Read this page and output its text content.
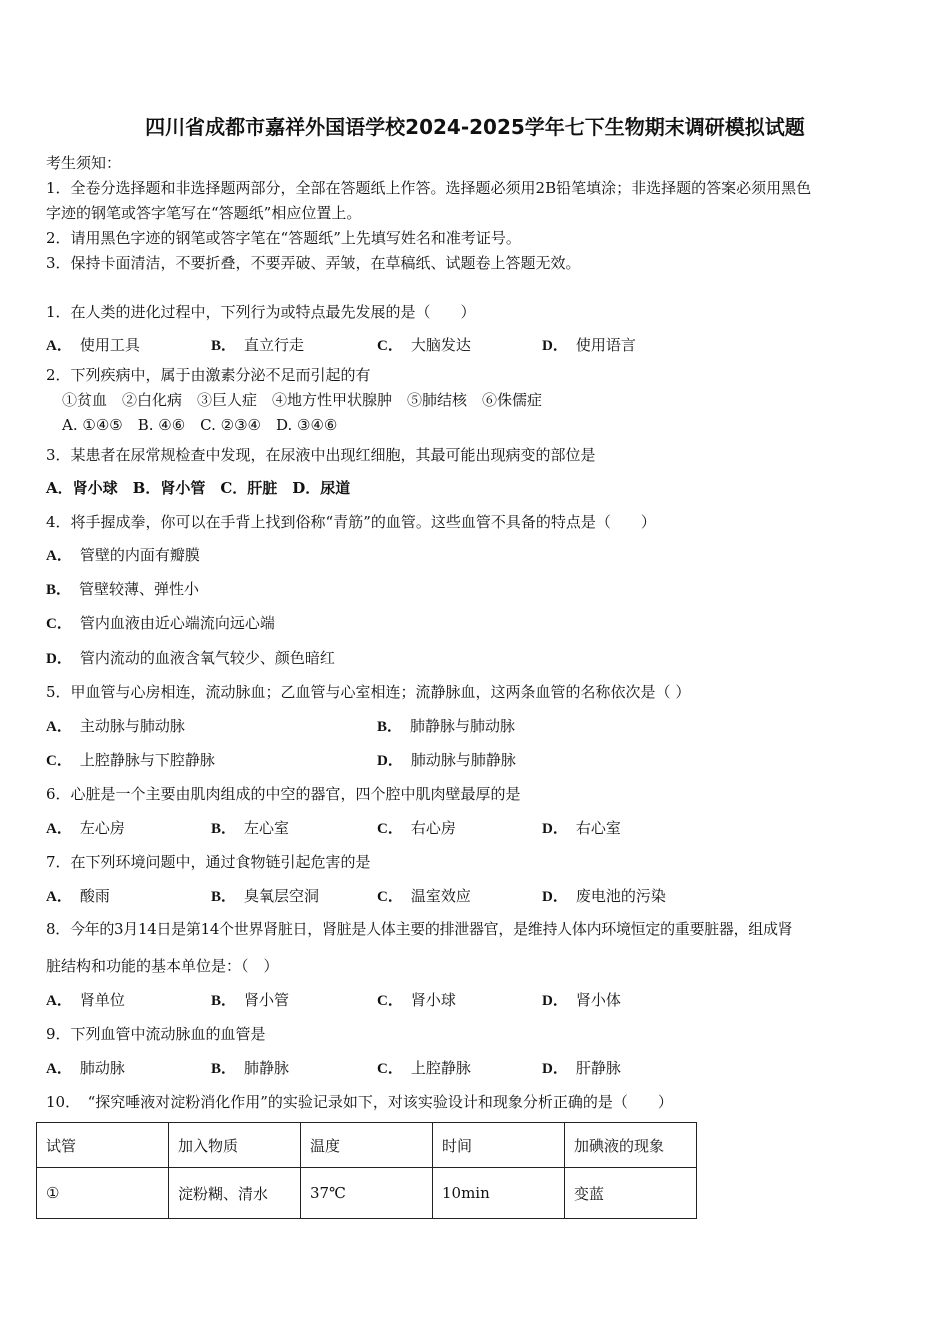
四川省成都市嘉祥外国语学校2024-2025学年七下生物期末调研模拟试题
考生须知：
1．全卷分选择题和非选择题两部分，全部在答题纸上作答。选择题必须用2B铅笔填涂；非选择题的答案必须用黑色
字迹的钢笔或答字笔写在“答题纸”相应位置上。
2．请用黑色字迹的钢笔或答字笔在“答题纸”上先填写姓名和准考证号。
3．保持卡面清洁，不要折叠，不要弄破、弄皱，在草稿纸、试题卷上答题无效。
1．在人类的进化过程中，下列行为或特点最先发展的是（　　）
A． 使用工具	B． 直立行走	C． 大脑发达	D． 使用语言
2．下列疾病中，属于由激素分泌不足而引起的有
①贫血　②白化病　③巨人症　④地方性甲状腺肿　⑤肺结核　⑥侏儒症
A. ①④⑤　B. ④⑥　C. ②③④　D. ③④⑥
3．某患者在尿常规检查中发现，在尿液中出现红细胞，其最可能出现病变的部位是
A．肾小球　B．肾小管　C．肝脏　D．尿道
4．将手握成拳，你可以在手背上找到俗称“青筋”的血管。这些血管不具备的特点是（　　）
A． 管壁的内面有瓣膜
B． 管壁较薄、弹性小
C． 管内血液由近心端流向远心端
D． 管内流动的血液含氧气较少、颜色暗红
5．甲血管与心房相连，流动脉血；乙血管与心室相连；流静脉血，这两条血管的名称依次是（ ）
A． 主动脉与肺动脉	B． 肺静脉与肺动脉
C． 上腔静脉与下腔静脉	D． 肺动脉与肺静脉
6．心脏是一个主要由肌肉组成的中空的器官，四个腔中肌肉壁最厚的是
A． 左心房	B． 左心室	C． 右心房	D． 右心室
7．在下列环境问题中，通过食物链引起危害的是
A． 酸雨	B． 臭氧层空洞	C． 温室效应	D． 废电池的污染
8．今年的3月14日是第14个世界肾脏日，肾脏是人体主要的排泄器官，是维持人体内环境恒定的重要脏器，组成肾
脏结构和功能的基本单位是：（　）
A． 肾单位	B． 肾小管	C． 肾小球	D． 肾小体
9．下列血管中流动脉血的血管是
A． 肺动脉	B． 肺静脉	C． 上腔静脉	D． 肝静脉
10．　“探究唾液对淀粉消化作用”的实验记录如下，对该实验设计和现象分析正确的是（　　）
试管	加入物质	温度	时间	加碘液的现象
①	淀粉糊、清水	37℃	10min	变蓝
